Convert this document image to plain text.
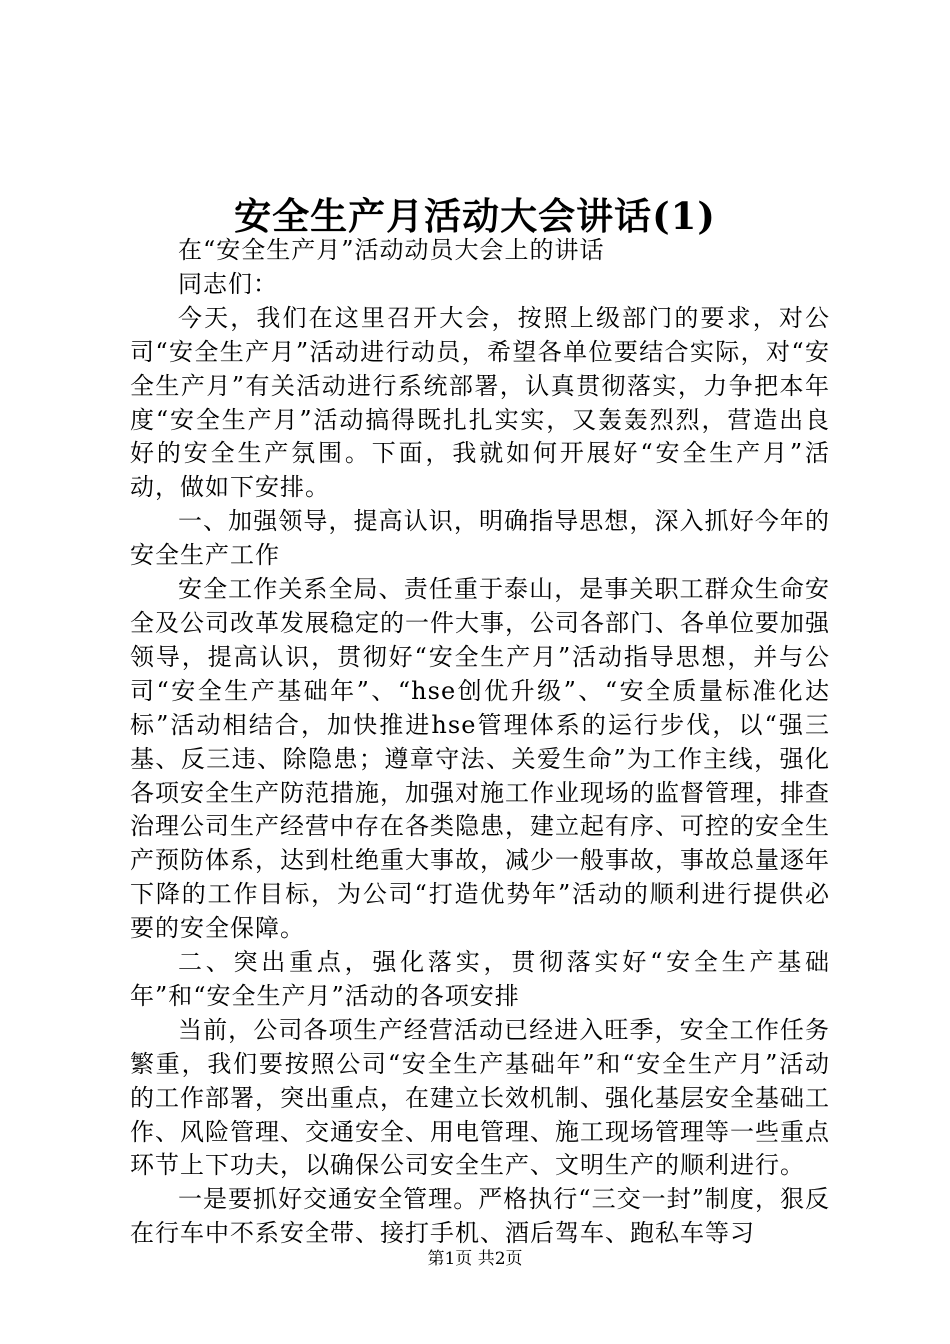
安全生产月活动大会讲话(1)

在“安全生产月”活动动员大会上的讲话

同志们：

今天，我们在这里召开大会，按照上级部门的要求，对公司“安全生产月”活动进行动员，希望各单位要结合实际，对“安全生产月”有关活动进行系统部署，认真贯彻落实，力争把本年度“安全生产月”活动搞得既扎扎实实，又轰轰烈烈，营造出良好的安全生产氛围。下面，我就如何开展好“安全生产月”活动，做如下安排。

一、加强领导，提高认识，明确指导思想，深入抓好今年的安全生产工作

安全工作关系全局、责任重于泰山，是事关职工群众生命安全及公司改革发展稳定的一件大事，公司各部门、各单位要加强领导，提高认识，贯彻好“安全生产月”活动指导思想，并与公司“安全生产基础年”、“hse创优升级”、“安全质量标准化达标”活动相结合，加快推进hse管理体系的运行步伐，以“强三基、反三违、除隐患；遵章守法、关爱生命”为工作主线，强化各项安全生产防范措施，加强对施工作业现场的监督管理，排查治理公司生产经营中存在各类隐患，建立起有序、可控的安全生产预防体系，达到杜绝重大事故，减少一般事故，事故总量逐年下降的工作目标，为公司“打造优势年”活动的顺利进行提供必要的安全保障。

二、突出重点，强化落实，贯彻落实好“安全生产基础年”和“安全生产月”活动的各项安排

当前，公司各项生产经营活动已经进入旺季，安全工作任务繁重，我们要按照公司“安全生产基础年”和“安全生产月”活动的工作部署，突出重点，在建立长效机制、强化基层安全基础工作、风险管理、交通安全、用电管理、施工现场管理等一些重点环节上下功夫，以确保公司安全生产、文明生产的顺利进行。

一是要抓好交通安全管理。严格执行“三交一封”制度，狠反在行车中不系安全带、接打手机、酒后驾车、跑私车等习

第1页 共2页
